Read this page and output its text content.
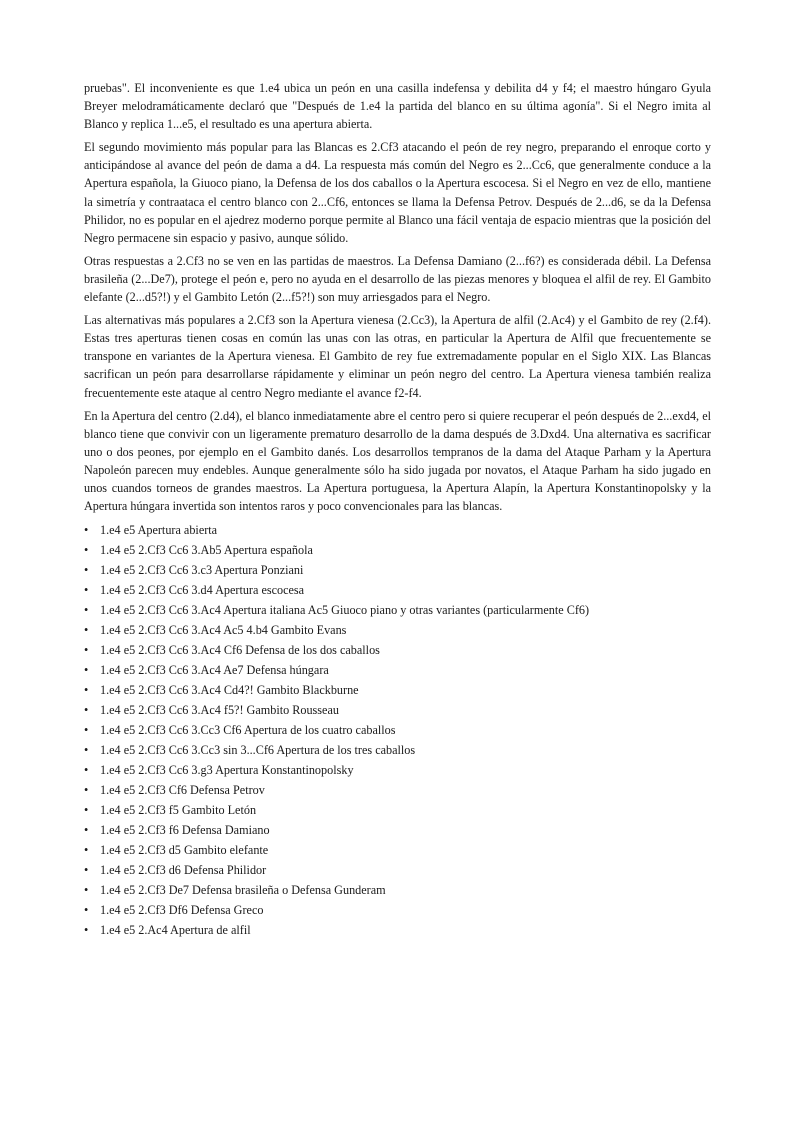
pruebas". El inconveniente es que 1.e4 ubica un peón en una casilla indefensa y debilita d4 y f4; el maestro húngaro Gyula Breyer melodramáticamente declaró que "Después de 1.e4 la partida del blanco en su última agonía". Si el Negro imita al Blanco y replica 1...e5, el resultado es una apertura abierta.

El segundo movimiento más popular para las Blancas es 2.Cf3 atacando el peón de rey negro, preparando el enroque corto y anticipándose al avance del peón de dama a d4. La respuesta más común del Negro es 2...Cc6, que generalmente conduce a la Apertura española, la Giuoco piano, la Defensa de los dos caballos o la Apertura escocesa. Si el Negro en vez de ello, mantiene la simetría y contraataca el centro blanco con 2...Cf6, entonces se llama la Defensa Petrov. Después de 2...d6, se da la Defensa Philidor, no es popular en el ajedrez moderno porque permite al Blanco una fácil ventaja de espacio mientras que la posición del Negro permacene sin espacio y pasivo, aunque sólido.

Otras respuestas a 2.Cf3 no se ven en las partidas de maestros. La Defensa Damiano (2...f6?) es considerada débil. La Defensa brasileña (2...De7), protege el peón e, pero no ayuda en el desarrollo de las piezas menores y bloquea el alfil de rey. El Gambito elefante (2...d5?!) y el Gambito Letón (2...f5?!) son muy arriesgados para el Negro.

Las alternativas más populares a 2.Cf3 son la Apertura vienesa (2.Cc3), la Apertura de alfil (2.Ac4) y el Gambito de rey (2.f4). Estas tres aperturas tienen cosas en común las unas con las otras, en particular la Apertura de Alfil que frecuentemente se transpone en variantes de la Apertura vienesa. El Gambito de rey fue extremadamente popular en el Siglo XIX. Las Blancas sacrifican un peón para desarrollarse rápidamente y eliminar un peón negro del centro. La Apertura vienesa también realiza frecuentemente este ataque al centro Negro mediante el avance f2-f4.

En la Apertura del centro (2.d4), el blanco inmediatamente abre el centro pero si quiere recuperar el peón después de 2...exd4, el blanco tiene que convivir con un ligeramente prematuro desarrollo de la dama después de 3.Dxd4. Una alternativa es sacrificar uno o dos peones, por ejemplo en el Gambito danés. Los desarrollos tempranos de la dama del Ataque Parham y la Apertura Napoleón parecen muy endebles. Aunque generalmente sólo ha sido jugada por novatos, el Ataque Parham ha sido jugado en unos cuandos torneos de grandes maestros. La Apertura portuguesa, la Apertura Alapín, la Apertura Konstantinopolsky y la Apertura húngara invertida son intentos raros y poco convencionales para las blancas.

• 1.e4 e5 Apertura abierta
• 1.e4 e5 2.Cf3 Cc6 3.Ab5 Apertura española
• 1.e4 e5 2.Cf3 Cc6 3.c3 Apertura Ponziani
• 1.e4 e5 2.Cf3 Cc6 3.d4 Apertura escocesa
• 1.e4 e5 2.Cf3 Cc6 3.Ac4 Apertura italiana Ac5 Giuoco piano y otras variantes (particularmente Cf6)
• 1.e4 e5 2.Cf3 Cc6 3.Ac4 Ac5 4.b4 Gambito Evans
• 1.e4 e5 2.Cf3 Cc6 3.Ac4 Cf6 Defensa de los dos caballos
• 1.e4 e5 2.Cf3 Cc6 3.Ac4 Ae7 Defensa húngara
• 1.e4 e5 2.Cf3 Cc6 3.Ac4 Cd4?! Gambito Blackburne
• 1.e4 e5 2.Cf3 Cc6 3.Ac4 f5?! Gambito Rousseau
• 1.e4 e5 2.Cf3 Cc6 3.Cc3 Cf6 Apertura de los cuatro caballos
• 1.e4 e5 2.Cf3 Cc6 3.Cc3 sin 3...Cf6 Apertura de los tres caballos
• 1.e4 e5 2.Cf3 Cc6 3.g3 Apertura Konstantinopolsky
• 1.e4 e5 2.Cf3 Cf6 Defensa Petrov
• 1.e4 e5 2.Cf3 f5 Gambito Letón
• 1.e4 e5 2.Cf3 f6 Defensa Damiano
• 1.e4 e5 2.Cf3 d5 Gambito elefante
• 1.e4 e5 2.Cf3 d6 Defensa Philidor
• 1.e4 e5 2.Cf3 De7 Defensa brasileña o Defensa Gunderam
• 1.e4 e5 2.Cf3 Df6 Defensa Greco
• 1.e4 e5 2.Ac4 Apertura de alfil
